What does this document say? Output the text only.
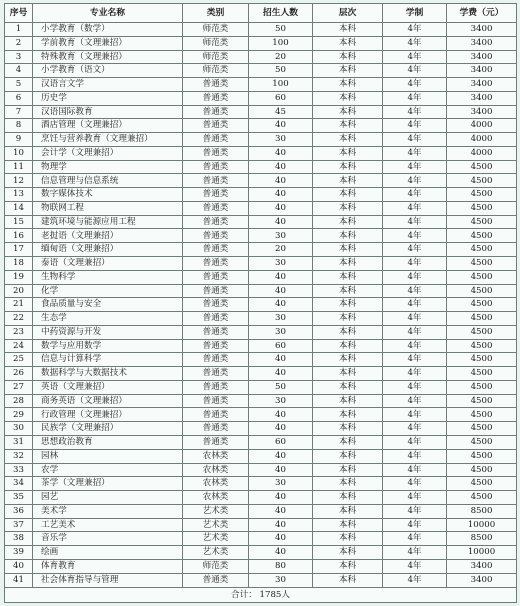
序号	专业名称	类别	招生人数	层次	学制	学费（元）
1	小学教育（数学）	师范类	50	本科	4年	3400
2	学前教育（文理兼招）	师范类	100	本科	4年	3400
3	特殊教育（文理兼招）	师范类	20	本科	4年	3400
4	小学教育（语文）	师范类	50	本科	4年	3400
5	汉语言文学	普通类	100	本科	4年	3400
6	历史学	普通类	60	本科	4年	3400
7	汉语国际教育	普通类	45	本科	4年	3400
8	酒店管理（文理兼招）	普通类	40	本科	4年	4000
9	烹饪与营养教育（文理兼招）	普通类	30	本科	4年	4000
10	会计学（文理兼招）	普通类	40	本科	4年	4000
11	物理学	普通类	40	本科	4年	4500
12	信息管理与信息系统	普通类	40	本科	4年	4500
13	数字媒体技术	普通类	40	本科	4年	4500
14	物联网工程	普通类	40	本科	4年	4500
15	建筑环境与能源应用工程	普通类	40	本科	4年	4500
16	老挝语（文理兼招）	普通类	30	本科	4年	4500
17	缅甸语（文理兼招）	普通类	20	本科	4年	4500
18	泰语（文理兼招）	普通类	30	本科	4年	4500
19	生物科学	普通类	40	本科	4年	4500
20	化学	普通类	40	本科	4年	4500
21	食品质量与安全	普通类	40	本科	4年	4500
22	生态学	普通类	30	本科	4年	4500
23	中药资源与开发	普通类	30	本科	4年	4500
24	数学与应用数学	普通类	60	本科	4年	4500
25	信息与计算科学	普通类	40	本科	4年	4500
26	数据科学与大数据技术	普通类	40	本科	4年	4500
27	英语（文理兼招）	普通类	50	本科	4年	4500
28	商务英语（文理兼招）	普通类	30	本科	4年	4500
29	行政管理（文理兼招）	普通类	40	本科	4年	4500
30	民族学（文理兼招）	普通类	40	本科	4年	4500
31	思想政治教育	普通类	60	本科	4年	4500
32	园林	农林类	40	本科	4年	4500
33	农学	农林类	40	本科	4年	4500
34	茶学（文理兼招）	农林类	30	本科	4年	4500
35	园艺	农林类	40	本科	4年	4500
36	美术学	艺术类	40	本科	4年	8500
37	工艺美术	艺术类	40	本科	4年	10000
38	音乐学	艺术类	40	本科	4年	8500
39	绘画	艺术类	40	本科	4年	10000
40	体育教育	师范类	80	本科	4年	3400
41	社会体育指导与管理	普通类	30	本科	4年	3400
合计： 1785人						
